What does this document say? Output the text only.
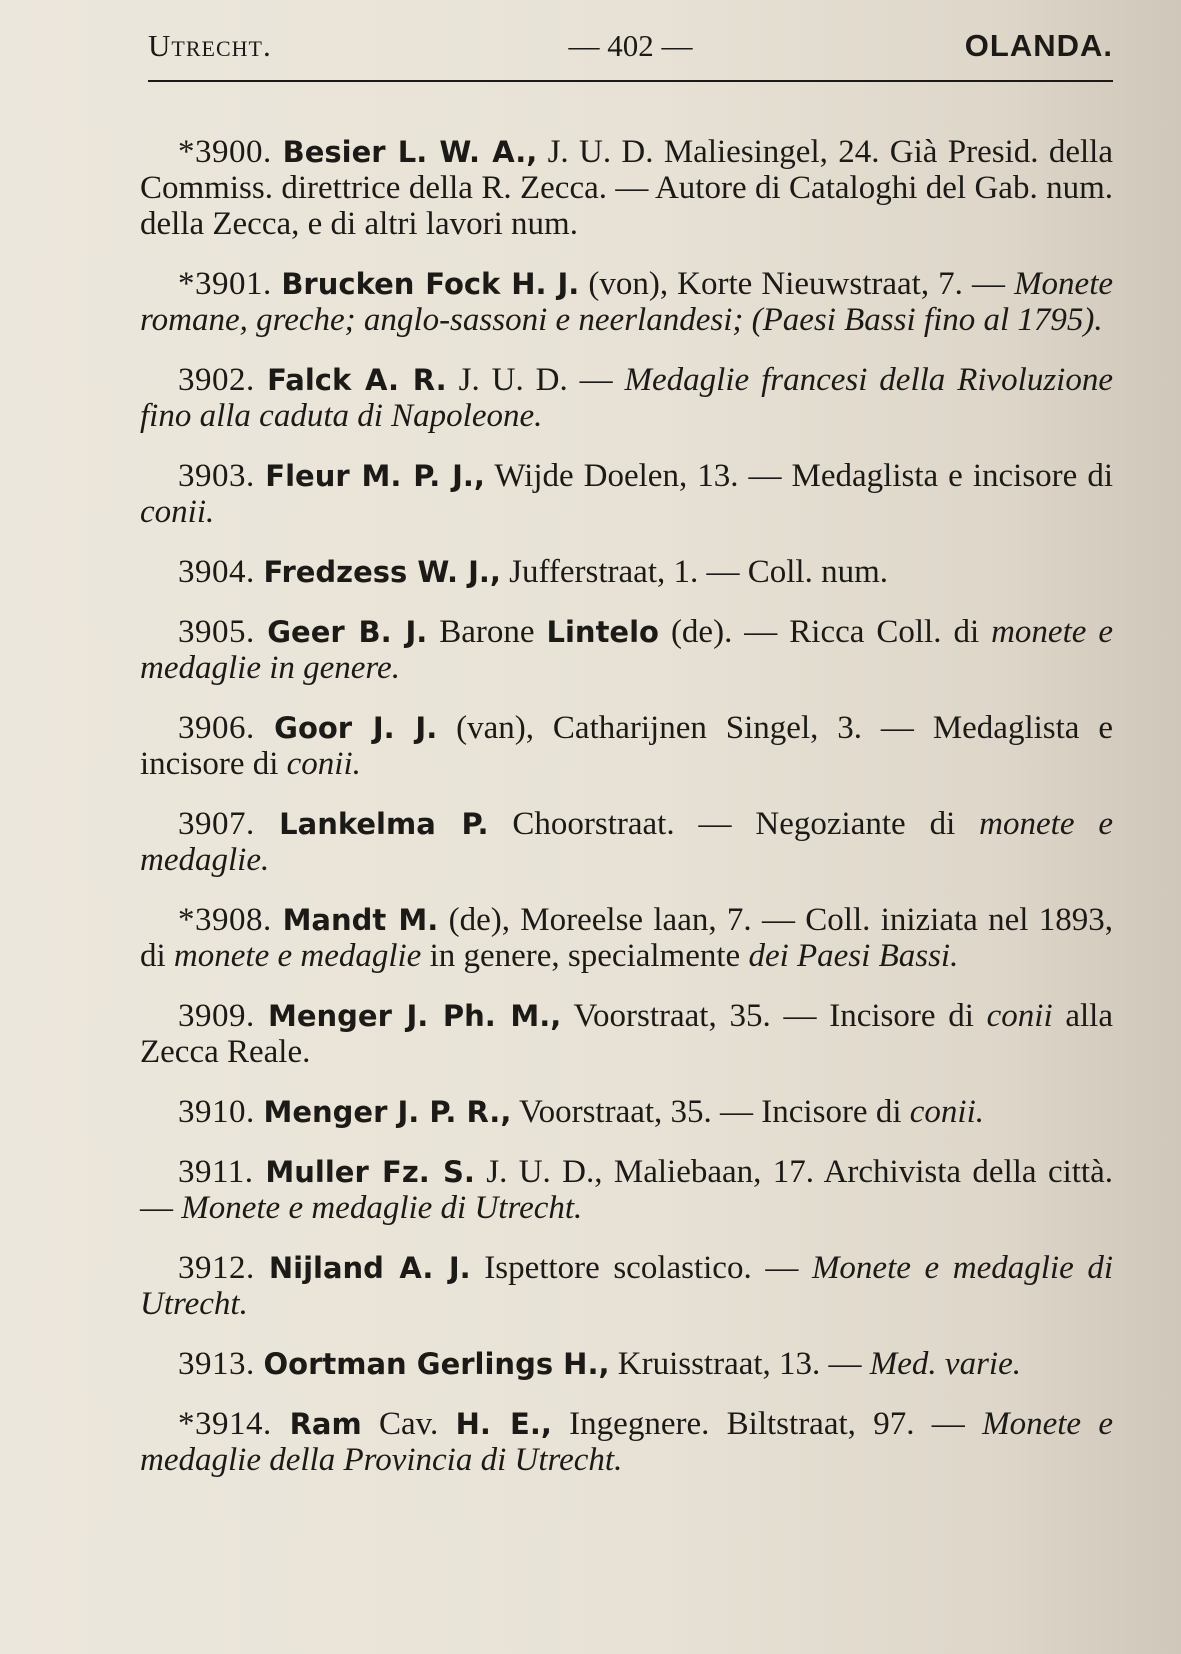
Utrecht.	— 402 —	OLANDA.
*3900. Besier L. W. A., J. U. D. Maliesingel, 24. Già Presid. della Commiss. direttrice della R. Zecca. — Autore di Cataloghi del Gab. num. della Zecca, e di altri lavori num.
*3901. Brucken Fock H. J. (von), Korte Nieuwstraat, 7. — Monete romane, greche; anglo-sassoni e neerlandesi; (Paesi Bassi fino al 1795).
3902. Falck A. R. J. U. D. — Medaglie francesi della Rivoluzione fino alla caduta di Napoleone.
3903. Fleur M. P. J., Wijde Doelen, 13. — Medaglista e incisore di conii.
3904. Fredzess W. J., Jufferstraat, 1. — Coll. num.
3905. Geer B. J. Barone Lintelo (de). — Ricca Coll. di monete e medaglie in genere.
3906. Goor J. J. (van), Catharijnen Singel, 3. — Medaglista e incisore di conii.
3907. Lankelma P. Choorstraat. — Negoziante di monete e medaglie.
*3908. Mandt M. (de), Moreelse laan, 7. — Coll. iniziata nel 1893, di monete e medaglie in genere, specialmente dei Paesi Bassi.
3909. Menger J. Ph. M., Voorstraat, 35. — Incisore di conii alla Zecca Reale.
3910. Menger J. P. R., Voorstraat, 35. — Incisore di conii.
3911. Muller Fz. S. J. U. D., Maliebaan, 17. Archivista della città. — Monete e medaglie di Utrecht.
3912. Nijland A. J. Ispettore scolastico. — Monete e medaglie di Utrecht.
3913. Oortman Gerlings H., Kruisstraat, 13. — Med. varie.
*3914. Ram Cav. H. E., Ingegnere. Biltstraat, 97. — Monete e medaglie della Provincia di Utrecht.
